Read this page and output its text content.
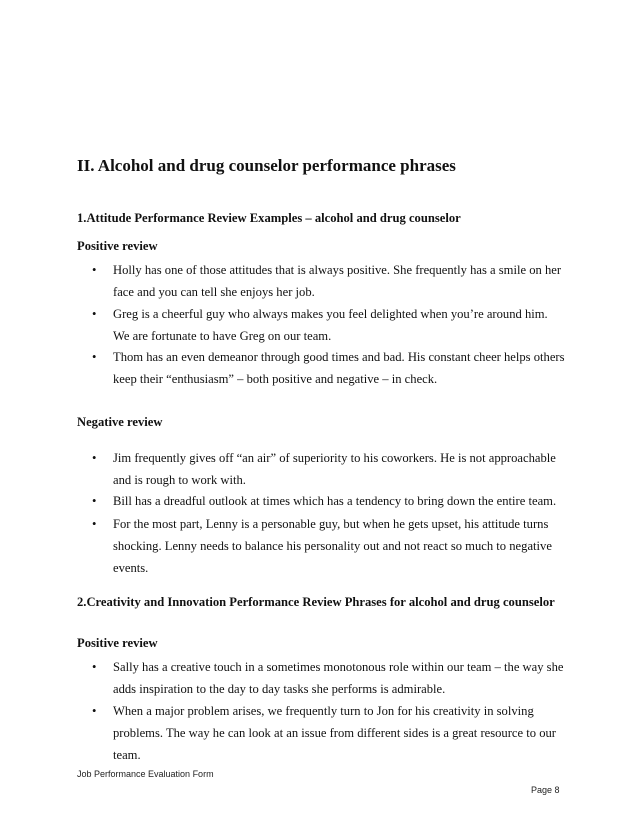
II. Alcohol and drug counselor performance phrases
1.Attitude Performance Review Examples – alcohol and drug counselor
Positive review
• Holly has one of those attitudes that is always positive. She frequently has a smile on her
face and you can tell she enjoys her job.
• Greg is a cheerful guy who always makes you feel delighted when you’re around him.
We are fortunate to have Greg on our team.
• Thom has an even demeanor through good times and bad. His constant cheer helps others
keep their “enthusiasm” – both positive and negative – in check.
Negative review
• Jim frequently gives off “an air” of superiority to his coworkers. He is not approachable
and is rough to work with.
• Bill has a dreadful outlook at times which has a tendency to bring down the entire team.
• For the most part, Lenny is a personable guy, but when he gets upset, his attitude turns
shocking. Lenny needs to balance his personality out and not react so much to negative
events.
2.Creativity and Innovation Performance Review Phrases for alcohol and drug counselor
Positive review
• Sally has a creative touch in a sometimes monotonous role within our team – the way she
adds inspiration to the day to day tasks she performs is admirable.
• When a major problem arises, we frequently turn to Jon for his creativity in solving
problems. The way he can look at an issue from different sides is a great resource to our
team.
Job Performance Evaluation Form
Page 8
